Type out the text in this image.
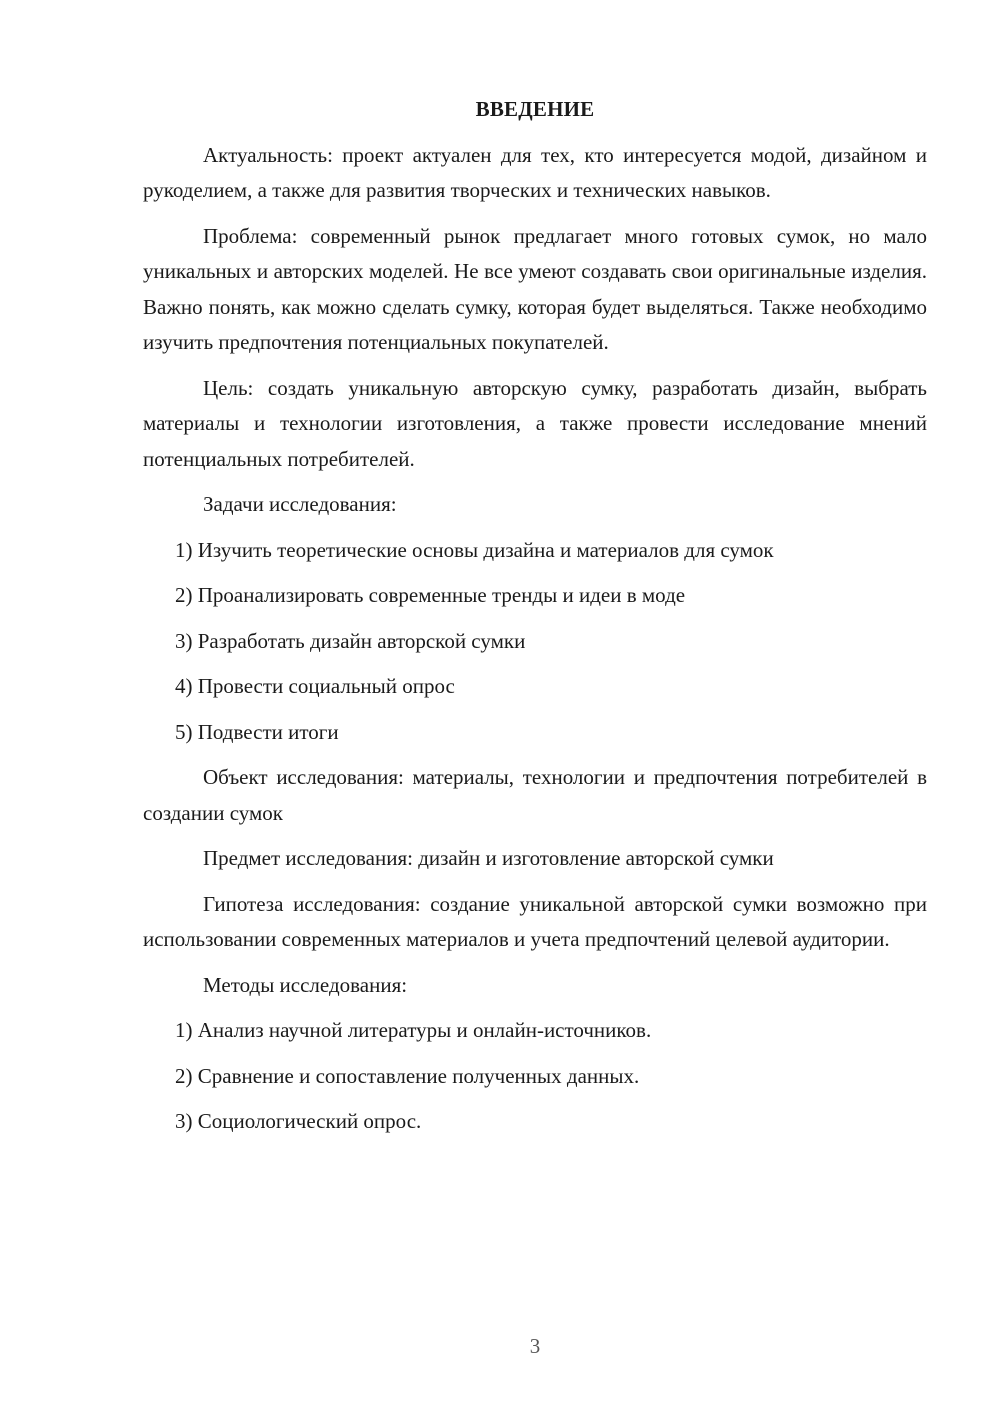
ВВЕДЕНИЕ
Актуальность: проект актуален для тех, кто интересуется модой, дизайном и рукоделием, а также для развития творческих и технических навыков.
Проблема: современный рынок предлагает много готовых сумок, но мало уникальных и авторских моделей. Не все умеют создавать свои оригинальные изделия. Важно понять, как можно сделать сумку, которая будет выделяться. Также необходимо изучить предпочтения потенциальных покупателей.
Цель: создать уникальную авторскую сумку, разработать дизайн, выбрать материалы и технологии изготовления, а также провести исследование мнений потенциальных потребителей.
Задачи исследования:
1) Изучить теоретические основы дизайна и материалов для сумок
2) Проанализировать современные тренды и идеи в моде
3) Разработать дизайн авторской сумки
4) Провести социальный опрос
5) Подвести итоги
Объект исследования: материалы, технологии и предпочтения потребителей в создании сумок
Предмет исследования: дизайн и изготовление авторской сумки
Гипотеза исследования: создание уникальной авторской сумки возможно при использовании современных материалов и учета предпочтений целевой аудитории.
Методы исследования:
1) Анализ научной литературы и онлайн-источников.
2) Сравнение и сопоставление полученных данных.
3) Социологический опрос.
3
